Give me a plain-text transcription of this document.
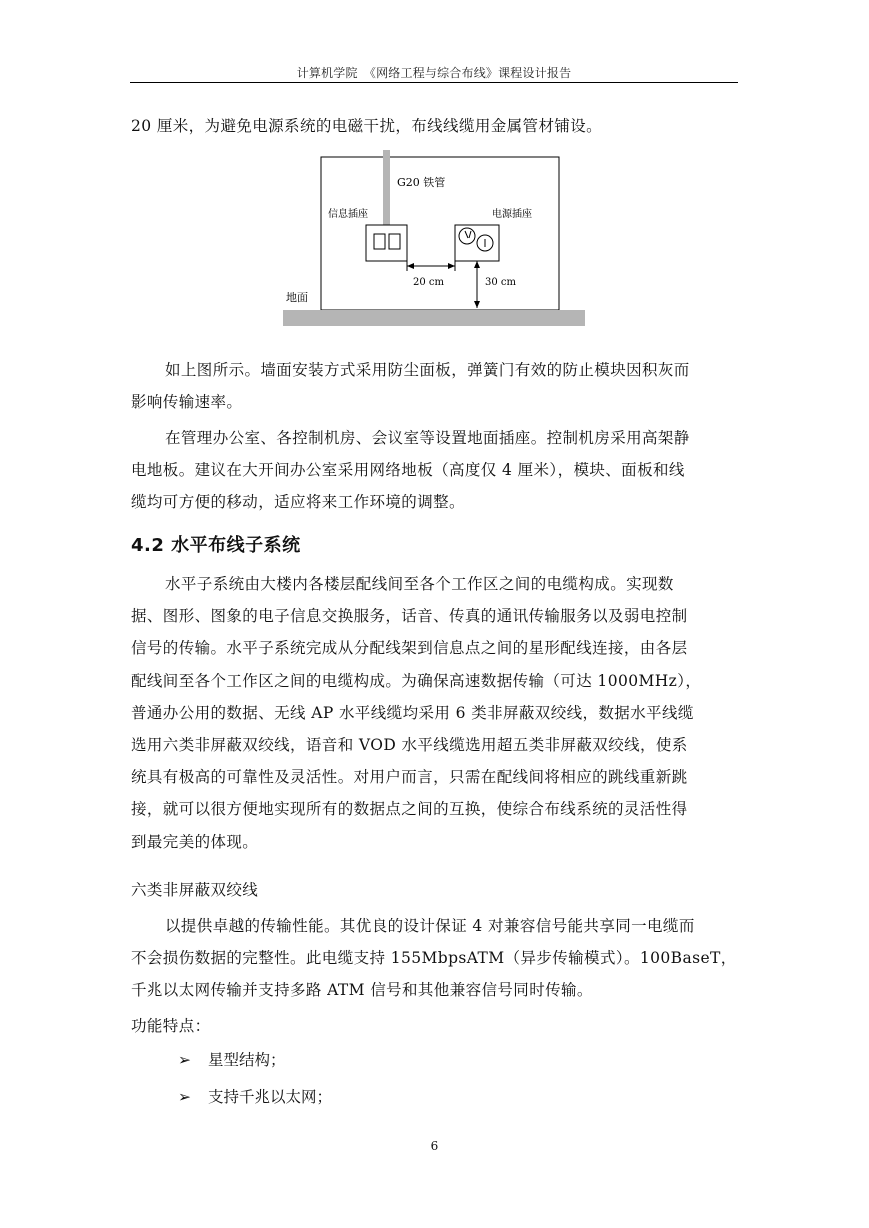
计算机学院　《网络工程与综合布线》课程设计报告
20 厘米，为避免电源系统的电磁干扰，布线线缆用金属管材铺设。
G20 铁管
信息插座	电源插座
20 cm	30 cm
地面
如上图所示。墙面安装方式采用防尘面板，弹簧门有效的防止模块因积灰而
影响传输速率。
在管理办公室、各控制机房、会议室等设置地面插座。控制机房采用高架静
电地板。建议在大开间办公室采用网络地板（高度仅 4 厘米），模块、面板和线
缆均可方便的移动，适应将来工作环境的调整。
4.2 水平布线子系统
水平子系统由大楼内各楼层配线间至各个工作区之间的电缆构成。实现数
据、图形、图象的电子信息交换服务，话音、传真的通讯传输服务以及弱电控制
信号的传输。水平子系统完成从分配线架到信息点之间的星形配线连接，由各层
配线间至各个工作区之间的电缆构成。为确保高速数据传输（可达 1000MHz），
普通办公用的数据、无线 AP 水平线缆均采用 6 类非屏蔽双绞线，数据水平线缆
选用六类非屏蔽双绞线，语音和 VOD 水平线缆选用超五类非屏蔽双绞线，使系
统具有极高的可靠性及灵活性。对用户而言，只需在配线间将相应的跳线重新跳
接，就可以很方便地实现所有的数据点之间的互换，使综合布线系统的灵活性得
到最完美的体现。
六类非屏蔽双绞线
以提供卓越的传输性能。其优良的设计保证 4 对兼容信号能共享同一电缆而
不会损伤数据的完整性。此电缆支持 155MbpsATM（异步传输模式）。100BaseT，
千兆以太网传输并支持多路 ATM 信号和其他兼容信号同时传输。
功能特点：
➢ 星型结构；
➢ 支持千兆以太网；
6
